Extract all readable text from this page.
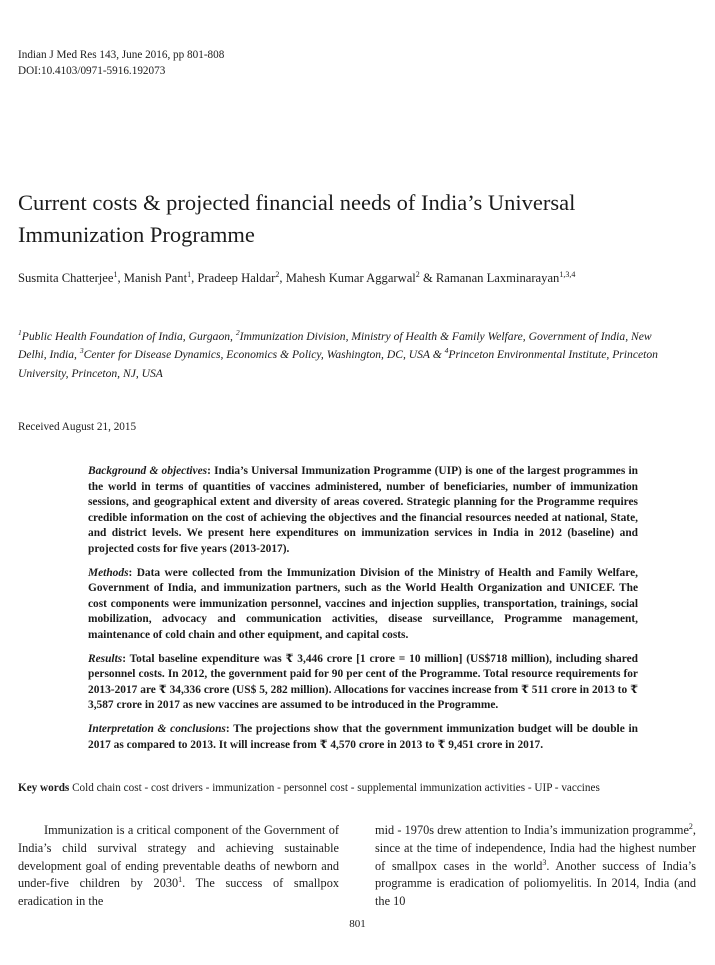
Indian J Med Res 143, June 2016, pp 801-808
DOI:10.4103/0971-5916.192073
Current costs & projected financial needs of India’s Universal Immunization Programme
Susmita Chatterjee$^1$, Manish Pant$^1$, Pradeep Haldar$^2$, Mahesh Kumar Aggarwal$^2$ & Ramanan Laxminarayan$^{1,3,4}$
$^1$Public Health Foundation of India, Gurgaon, $^2$Immunization Division, Ministry of Health & Family Welfare, Government of India, New Delhi, India, $^3$Center for Disease Dynamics, Economics & Policy, Washington, DC, USA & $^4$Princeton Environmental Institute, Princeton University, Princeton, NJ, USA
Received August 21, 2015

Background & objectives: India’s Universal Immunization Programme (UIP) is one of the largest programmes in the world in terms of quantities of vaccines administered, number of beneficiaries, number of immunization sessions, and geographical extent and diversity of areas covered. Strategic planning for the Programme requires credible information on the cost of achieving the objectives and the financial resources needed at national, State, and district levels. We present here expenditures on immunization services in India in 2012 (baseline) and projected costs for five years (2013-2017).

Methods: Data were collected from the Immunization Division of the Ministry of Health and Family Welfare, Government of India, and immunization partners, such as the World Health Organization and UNICEF. The cost components were immunization personnel, vaccines and injection supplies, transportation, trainings, social mobilization, advocacy and communication activities, disease surveillance, Programme management, maintenance of cold chain and other equipment, and capital costs.

Results: Total baseline expenditure was ₹ 3,446 crore [1 crore = 10 million] (US$718 million), including shared personnel costs. In 2012, the government paid for 90 per cent of the Programme. Total resource requirements for 2013-2017 are ₹ 34,336 crore (US$ 5, 282 million). Allocations for vaccines increase from ₹ 511 crore in 2013 to ₹ 3,587 crore in 2017 as new vaccines are assumed to be introduced in the Programme.

Interpretation & conclusions: The projections show that the government immunization budget will be double in 2017 as compared to 2013. It will increase from ₹ 4,570 crore in 2013 to ₹ 9,451 crore in 2017.

Key words Cold chain cost - cost drivers - immunization - personnel cost - supplemental immunization activities - UIP - vaccines

Immunization is a critical component of the Government of India’s child survival strategy and achieving sustainable development goal of ending preventable deaths of newborn and under-five children by 2030$^1$. The success of smallpox eradication in the

mid - 1970s drew attention to India’s immunization programme$^2$, since at the time of independence, India had the highest number of smallpox cases in the world$^3$. Another success of India’s programme is eradication of poliomyelitis. In 2014, India (and the 10

801
